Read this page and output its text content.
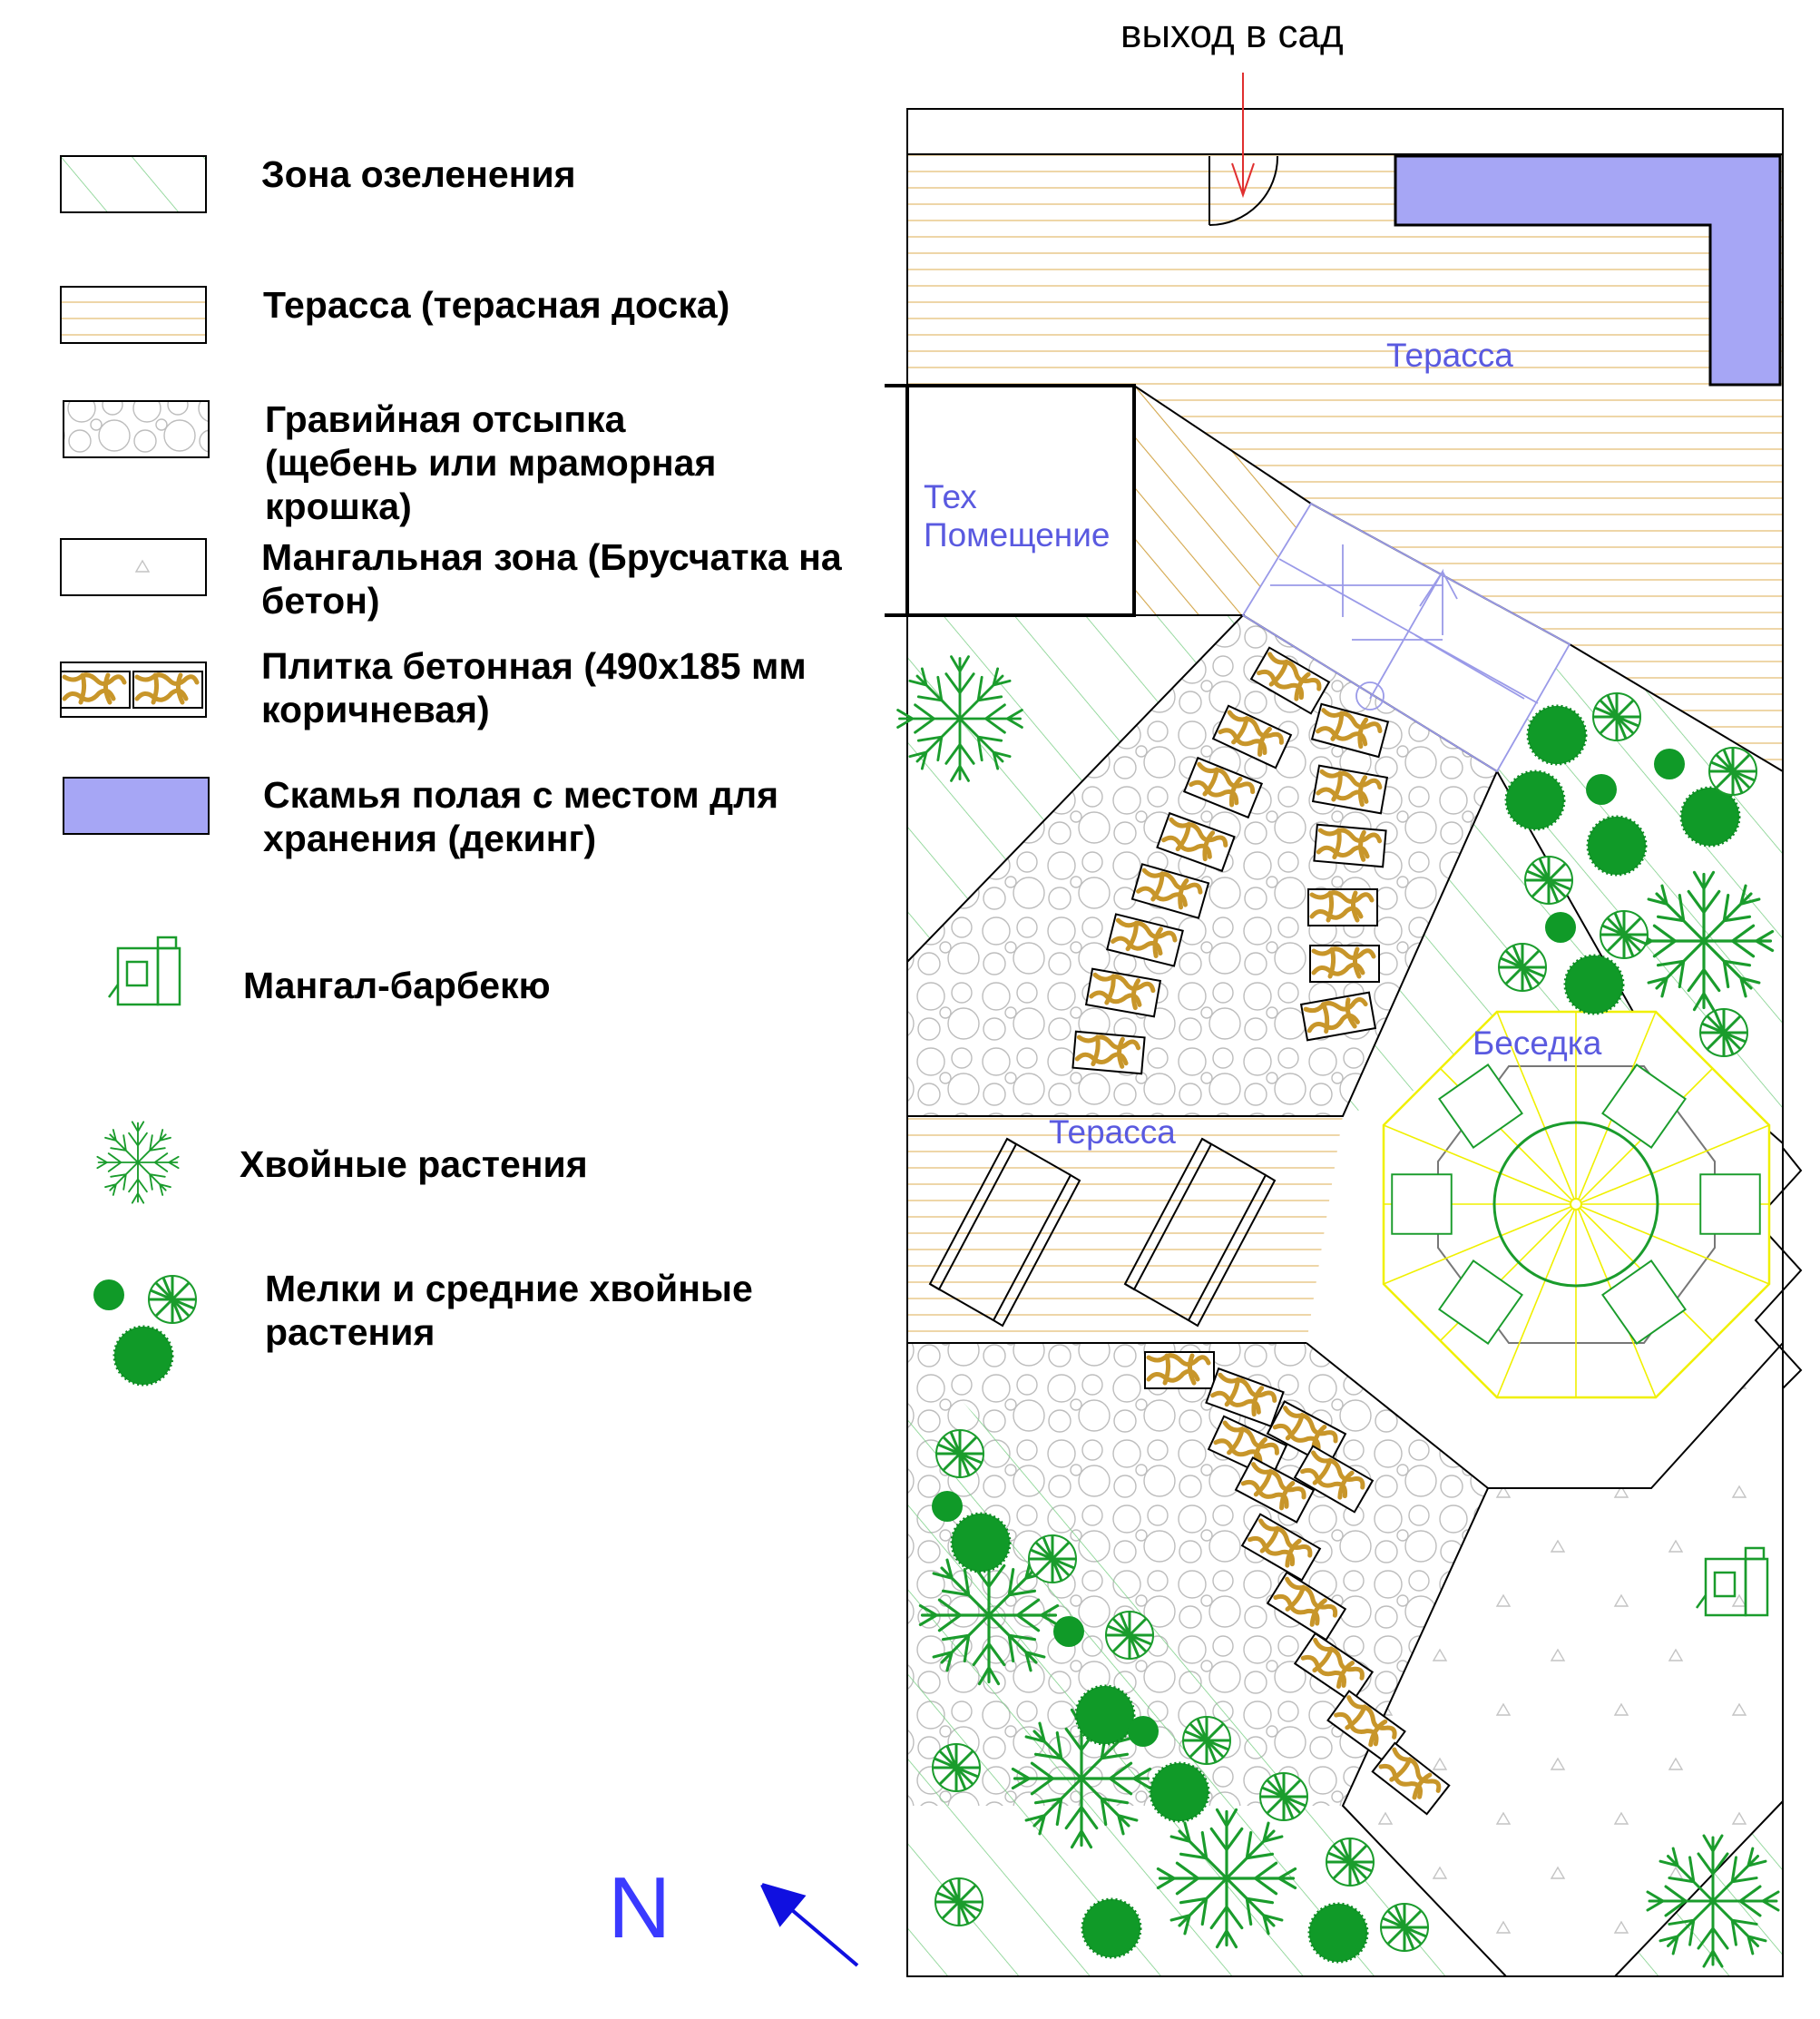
Зона озеленения
Терасса (терасная доска)
Гравийная отсыпка (щебень или мраморная крошка)
Мангальная зона (Брусчатка на бетон)
Плитка бетонная (490x185 мм коричневая)
Скамья полая с местом для хранения (декинг)
Мангал-барбекю
Хвойные растения
Мелки и средние хвойные растения
Терасса
Тех Помещение
Беседка
Терасса
выход в сад
N
